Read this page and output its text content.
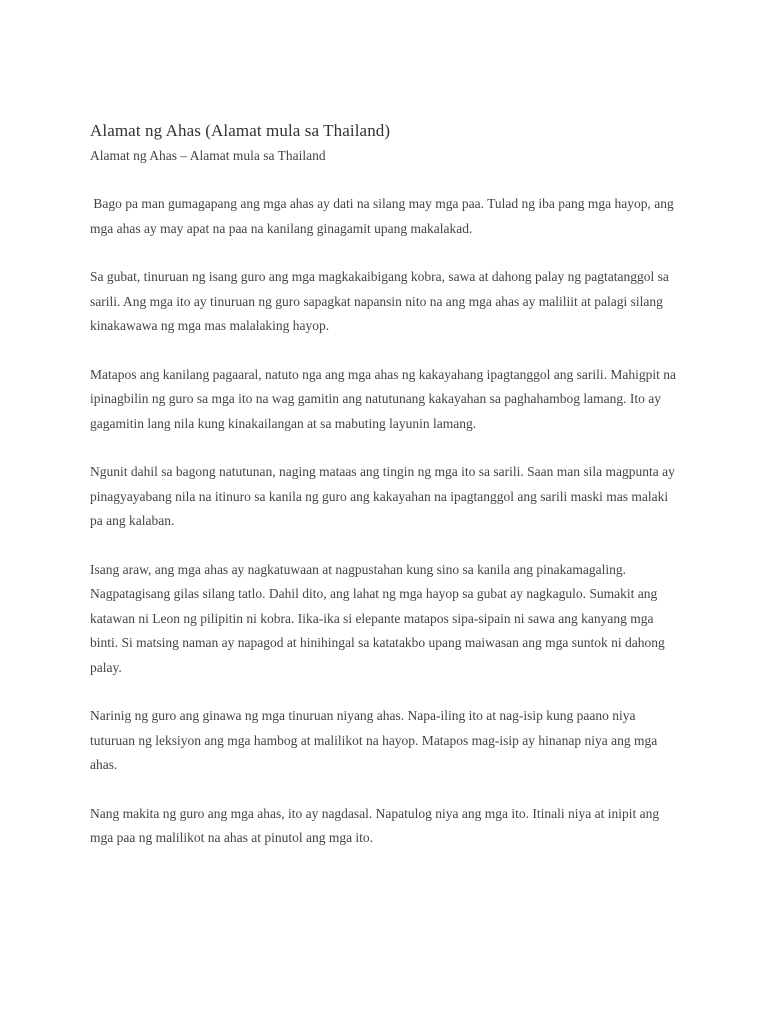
Alamat ng Ahas (Alamat mula sa Thailand)

Alamat ng Ahas – Alamat mula sa Thailand

Bago pa man gumagapang ang mga ahas ay dati na silang may mga paa. Tulad ng iba pang mga hayop, ang mga ahas ay may apat na paa na kanilang ginagamit upang makalakad.

Sa gubat, tinuruan ng isang guro ang mga magkakaibigang kobra, sawa at dahong palay ng pagtatanggol sa sarili. Ang mga ito ay tinuruan ng guro sapagkat napansin nito na ang mga ahas ay maliliit at palagi silang kinakawawa ng mga mas malalaking hayop.

Matapos ang kanilang pagaaral, natuto nga ang mga ahas ng kakayahang ipagtanggol ang sarili. Mahigpit na ipinagbilin ng guro sa mga ito na wag gamitin ang natutunang kakayahan sa paghahambog lamang. Ito ay gagamitin lang nila kung kinakailangan at sa mabuting layunin lamang.

Ngunit dahil sa bagong natutunan, naging mataas ang tingin ng mga ito sa sarili. Saan man sila magpunta ay pinagyayabang nila na itinuro sa kanila ng guro ang kakayahan na ipagtanggol ang sarili maski mas malaki pa ang kalaban.

Isang araw, ang mga ahas ay nagkatuwaan at nagpustahan kung sino sa kanila ang pinakamagaling. Nagpatagisang gilas silang tatlo. Dahil dito, ang lahat ng mga hayop sa gubat ay nagkagulo. Sumakit ang katawan ni Leon ng pilipitin ni kobra. Iika-ika si elepante matapos sipa-sipain ni sawa ang kanyang mga binti. Si matsing naman ay napagod at hinihingal sa katatakbo upang maiwasan ang mga suntok ni dahong palay.

Narinig ng guro ang ginawa ng mga tinuruan niyang ahas. Napa-iling ito at nag-isip kung paano niya tuturuan ng leksiyon ang mga hambog at malilikot na hayop. Matapos mag-isip ay hinanap niya ang mga ahas.

Nang makita ng guro ang mga ahas, ito ay nagdasal. Napatulog niya ang mga ito. Itinali niya at inipit ang mga paa ng malilikot na ahas at pinutol ang mga ito.
